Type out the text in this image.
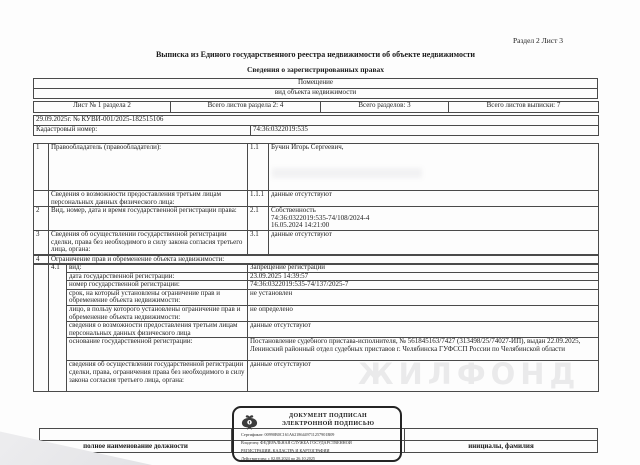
ЖИЛФОНД
Раздел 2 Лист 3
Выписка из Единого государственного реестра недвижимости об объекте недвижимости
Сведения о зарегистрированных правах
Помещение
вид объекта недвижимости
Лист № 1 раздела 2	Всего листов раздела 2: 4	Всего разделов: 3	Всего листов выписки: 7
29.09.2025г. № КУВИ-001/2025-182515106
Кадастровый номер:	74:36:0322019:535
1	Правообладатель (правообладатели):	1.1	Бучин Игорь Сергеевич,
	Сведения о возможности предоставления третьим лицам персональных данных физического лица:	1.1.1	данные отсутствуют
2	Вид, номер, дата и время государственной регистрации права:	2.1	Собственность
74:36:0322019:535-74/108/2024-4
16.05.2024 14:21:00

3	Сведения об осуществлении государственной регистрации сделки, права без необходимого в силу закона согласия третьего лица, органа:	3.1	данные отсутствуют
4	Ограничение прав и обременение объекта недвижимости:
	4.1	вид:	Запрещение регистрации
		дата государственной регистрации:	23.09.2025 14:39:57
		номер государственной регистрации:	74:36:0322019:535-74/137/2025-7
		срок, на который установлены ограничение прав и обременение объекта недвижимости:	не установлен
		лицо, в пользу которого установлены ограничение прав и обременение объекта недвижимости:	не определено
		сведения о возможности предоставления третьим лицам персональных данных физического лица	данные отсутствуют
		основание государственной регистрации:	Постановление судебного пристава-исполнителя, № 561845163/7427 (313498/25/74027-ИП), выдан 22.09.2025, Ленинский районный отдел судебных приставов г. Челябинска ГУФССП России по Челябинской области
		сведения об осуществлении государственной регистрации сделки, права, ограничения права без необходимого в силу закона согласия третьего лица, органа:	данные отсутствуют

полное наименование должности		инициалы, фамилия
ДОКУМЕНТ ПОДПИСАН
ЭЛЕКТРОННОЙ ПОДПИСЬЮ
Сертификат: 00990B0C161A62186449711257901B09
Владелец: ФЕДЕРАЛЬНАЯ СЛУЖБА ГОСУДАРСТВЕННОЙ
РЕГИСТРАЦИИ, КАДАСТРА И КАРТОГРАФИИ
Действителен: с 02.08.2024 по 26.10.2025
